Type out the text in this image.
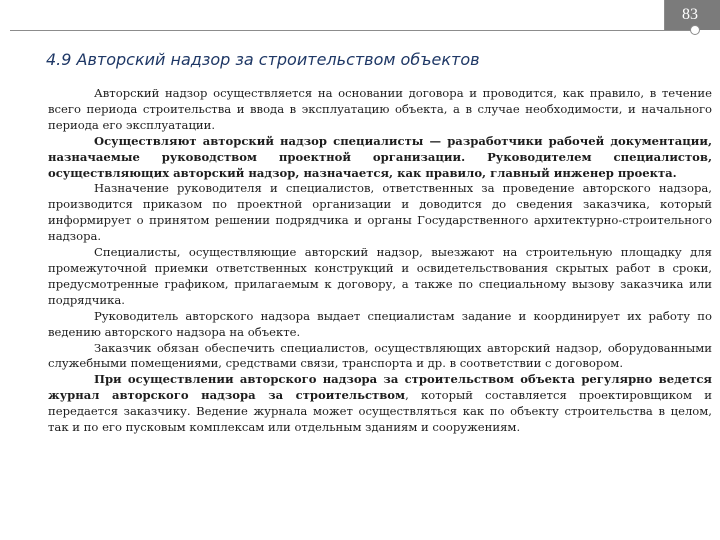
83
4.9 Авторский надзор за строительством объектов

Авторский надзор осуществляется на основании договора и проводится, как правило, в течение всего периода строительства и ввода в эксплуатацию объекта, а в случае необходимости, и начального периода его эксплуатации.

Осуществляют авторский надзор специалисты — разработчики рабочей документации, назначаемые руководством проектной организации. Руководителем специалистов, осуществляющих авторский надзор, назначается, как правило, главный инженер проекта.

Назначение руководителя и специалистов, ответственных за проведение авторского надзора, производится приказом по проектной организации и доводится до сведения заказчика, который информирует о принятом решении подрядчика и органы Государственного архитектурно-строительного надзора.

Специалисты, осуществляющие авторский надзор, выезжают на строительную площадку для промежуточной приемки ответственных конструкций и освидетельствования скрытых работ в сроки, предусмотренные графиком, прилагаемым к договору, а также по специальному вызову заказчика или подрядчика.

Руководитель авторского надзора выдает специалистам задание и координирует их работу по ведению авторского надзора на объекте.

Заказчик обязан обеспечить специалистов, осуществляющих авторский надзор, оборудованными служебными помещениями, средствами связи, транспорта и др. в соответствии с договором.

При осуществлении авторского надзора за строительством объекта регулярно ведется журнал авторского надзора за строительством, который составляется проектировщиком и передается заказчику. Ведение журнала может осуществляться как по объекту строительства в целом, так и по его пусковым комплексам или отдельным зданиям и сооружениям.
